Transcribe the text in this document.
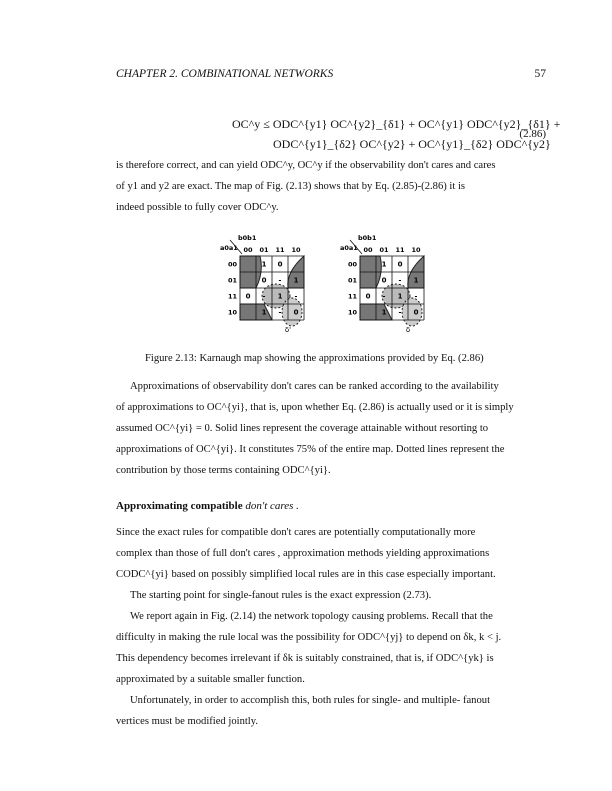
CHAPTER 2. COMBINATIONAL NETWORKS	57
OC^y ≤ ODC^{y1} OC^{y2}_{δ1} + OC^{y1} ODC^{y2}_{δ1} +
ODC^{y1}_{δ2} OC^{y2} + OC^{y1}_{δ2} ODC^{y2}
(2.86)

is therefore correct, and can yield ODC^y, OC^y if the observability don't cares and cares

of y1 and y2 are exact. The map of Fig. (2.13) shows that by Eq. (2.85)-(2.86) it is

indeed possible to fully cover ODC^y.

b0b1
a0a1 00 01 11 10
00
01
11
10
1 0
0 - 1
0 - 1 -
1 - 0
δ'
b0b1
a0a1 00 01 11 10
00
01
11
10
1 0
0 - 1
0 - 1 -
1 - 0
δ
Figure 2.13: Karnaugh map showing the approximations provided by Eq. (2.86)

Approximations of observability don't cares can be ranked according to the availability

of approximations to OC^{yi}, that is, upon whether Eq. (2.86) is actually used or it is simply

assumed OC^{yi} = 0. Solid lines represent the coverage attainable without resorting to

approximations of OC^{yi}. It constitutes 75% of the entire map. Dotted lines represent the

contribution by those terms containing ODC^{yi}.

Approximating compatible don't cares .

Since the exact rules for compatible don't cares are potentially computationally more

complex than those of full don't cares , approximation methods yielding approximations

CODC^{yi} based on possibly simplified local rules are in this case especially important.

The starting point for single-fanout rules is the exact expression (2.73).

We report again in Fig. (2.14) the network topology causing problems. Recall that the

difficulty in making the rule local was the possibility for ODC^{yj} to depend on δk, k < j.

This dependency becomes irrelevant if δk is suitably constrained, that is, if ODC^{yk} is

approximated by a suitable smaller function.

Unfortunately, in order to accomplish this, both rules for single- and multiple- fanout

vertices must be modified jointly.
